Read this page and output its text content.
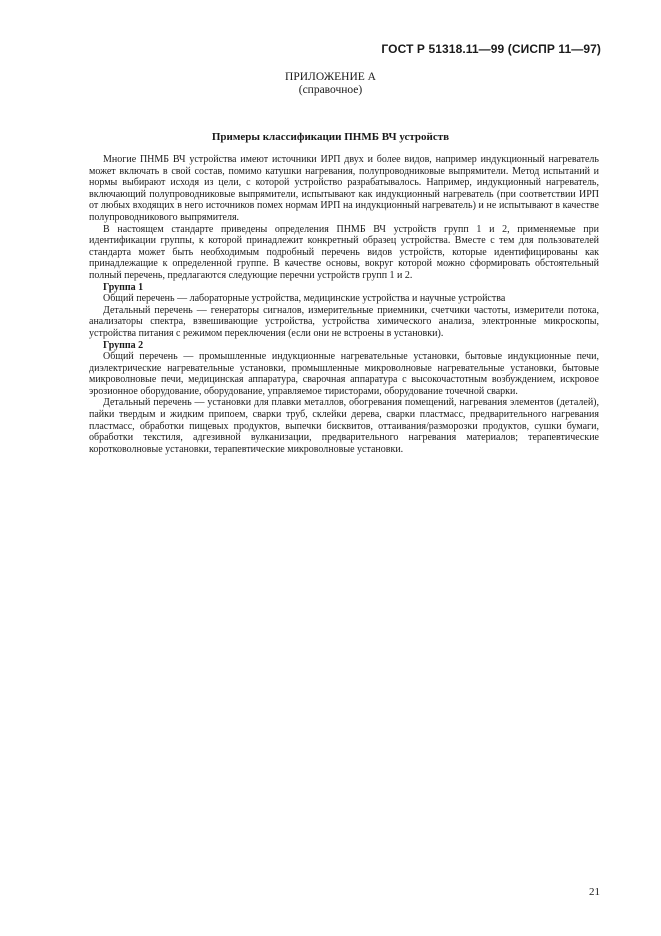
ГОСТ Р 51318.11—99 (СИСПР 11—97)
ПРИЛОЖЕНИЕ А
(справочное)
Примеры классификации ПНМБ ВЧ устройств

Многие ПНМБ ВЧ устройства имеют источники ИРП двух и более видов, например индукционный нагреватель может включать в свой состав, помимо катушки нагревания, полупроводниковые выпрямители. Метод испытаний и нормы выбирают исходя из цели, с которой устройство разрабатывалось. Например, индукционный нагреватель, включающий полупроводниковые выпрямители, испытывают как индукционный нагреватель (при соответствии ИРП от любых входящих в него источников помех нормам ИРП на индукционный нагреватель) и не испытывают в качестве полупроводникового выпрямителя.

В настоящем стандарте приведены определения ПНМБ ВЧ устройств групп 1 и 2, применяемые при идентификации группы, к которой принадлежит конкретный образец устройства. Вместе с тем для пользователей стандарта может быть необходимым подробный перечень видов устройств, которые идентифицированы как принадлежащие к определенной группе. В качестве основы, вокруг которой можно сформировать обстоятельный полный перечень, предлагаются следующие перечни устройств групп 1 и 2.

Группа 1

Общий перечень — лабораторные устройства, медицинские устройства и научные устройства

Детальный перечень — генераторы сигналов, измерительные приемники, счетчики частоты, измерители потока, анализаторы спектра, взвешивающие устройства, устройства химического анализа, электронные микроскопы, устройства питания с режимом переключения (если они не встроены в установки).

Группа 2

Общий перечень — промышленные индукционные нагревательные установки, бытовые индукционные печи, диэлектрические нагревательные установки, промышленные микроволновые нагревательные установки, бытовые микроволновые печи, медицинская аппаратура, сварочная аппаратура с высокочастотным возбуждением, искровое эрозионное оборудование, оборудование, управляемое тиристорами, оборудование точечной сварки.

Детальный перечень — установки для плавки металлов, обогревания помещений, нагревания элементов (деталей), пайки твердым и жидким припоем, сварки труб, склейки дерева, сварки пластмасс, предварительного нагревания пластмасс, обработки пищевых продуктов, выпечки бисквитов, оттаивания/разморозки продуктов, сушки бумаги, обработки текстиля, адгезивной вулканизации, предварительного нагревания материалов; терапевтические коротковолновые установки, терапевтические микроволновые установки.

21
